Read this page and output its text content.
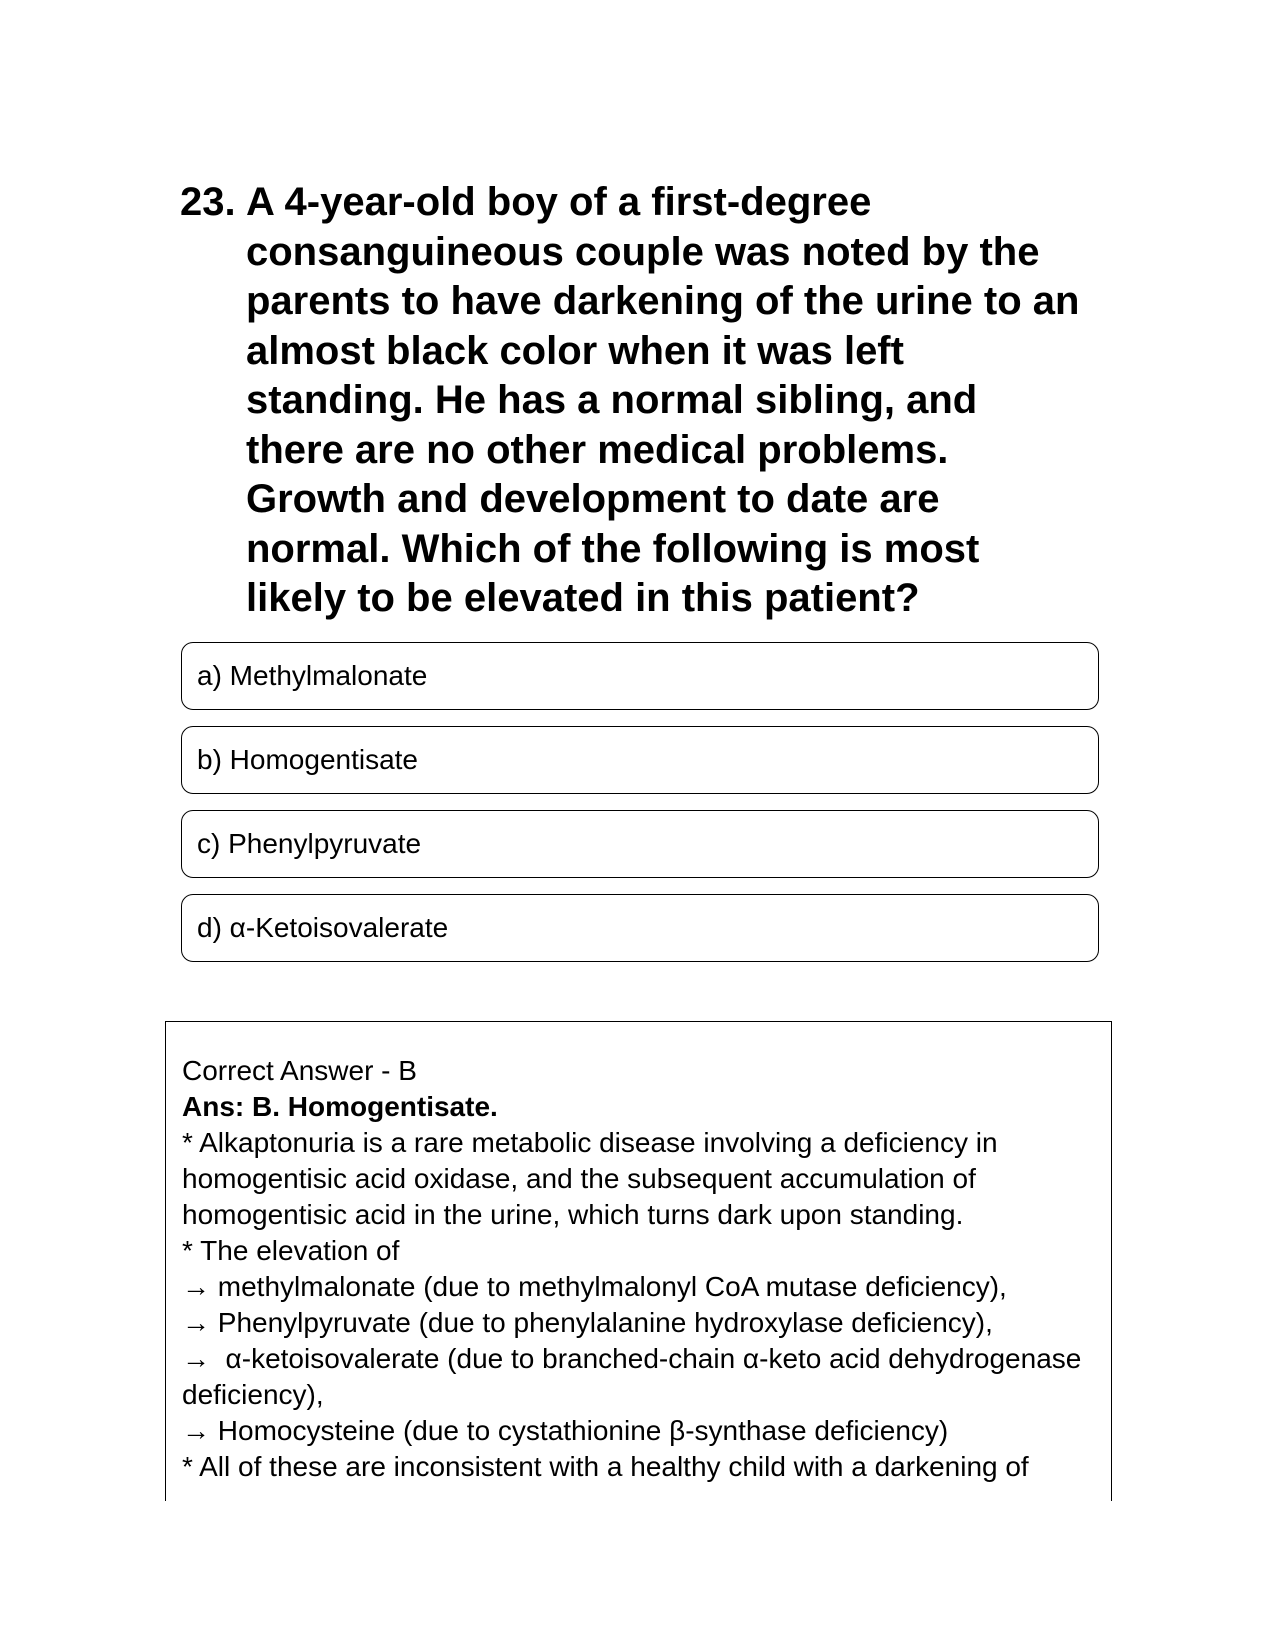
23. A 4-year-old boy of a first-degree consanguineous couple was noted by the parents to have darkening of the urine to an almost black color when it was left standing. He has a normal sibling, and there are no other medical problems. Growth and development to date are normal. Which of the following is most likely to be elevated in this patient?
a) Methylmalonate
b) Homogentisate
c) Phenylpyruvate
d) α-Ketoisovalerate
Correct Answer - B
Ans: B. Homogentisate.
* Alkaptonuria is a rare metabolic disease involving a deficiency in homogentisic acid oxidase, and the subsequent accumulation of homogentisic acid in the urine, which turns dark upon standing.
* The elevation of
→ methylmalonate (due to methylmalonyl CoA mutase deficiency),
→ Phenylpyruvate (due to phenylalanine hydroxylase deficiency),
→  α-ketoisovalerate (due to branched-chain α-keto acid dehydrogenase   deficiency),
→ Homocysteine (due to cystathionine β-synthase deficiency)
* All of these are inconsistent with a healthy child with a darkening of
